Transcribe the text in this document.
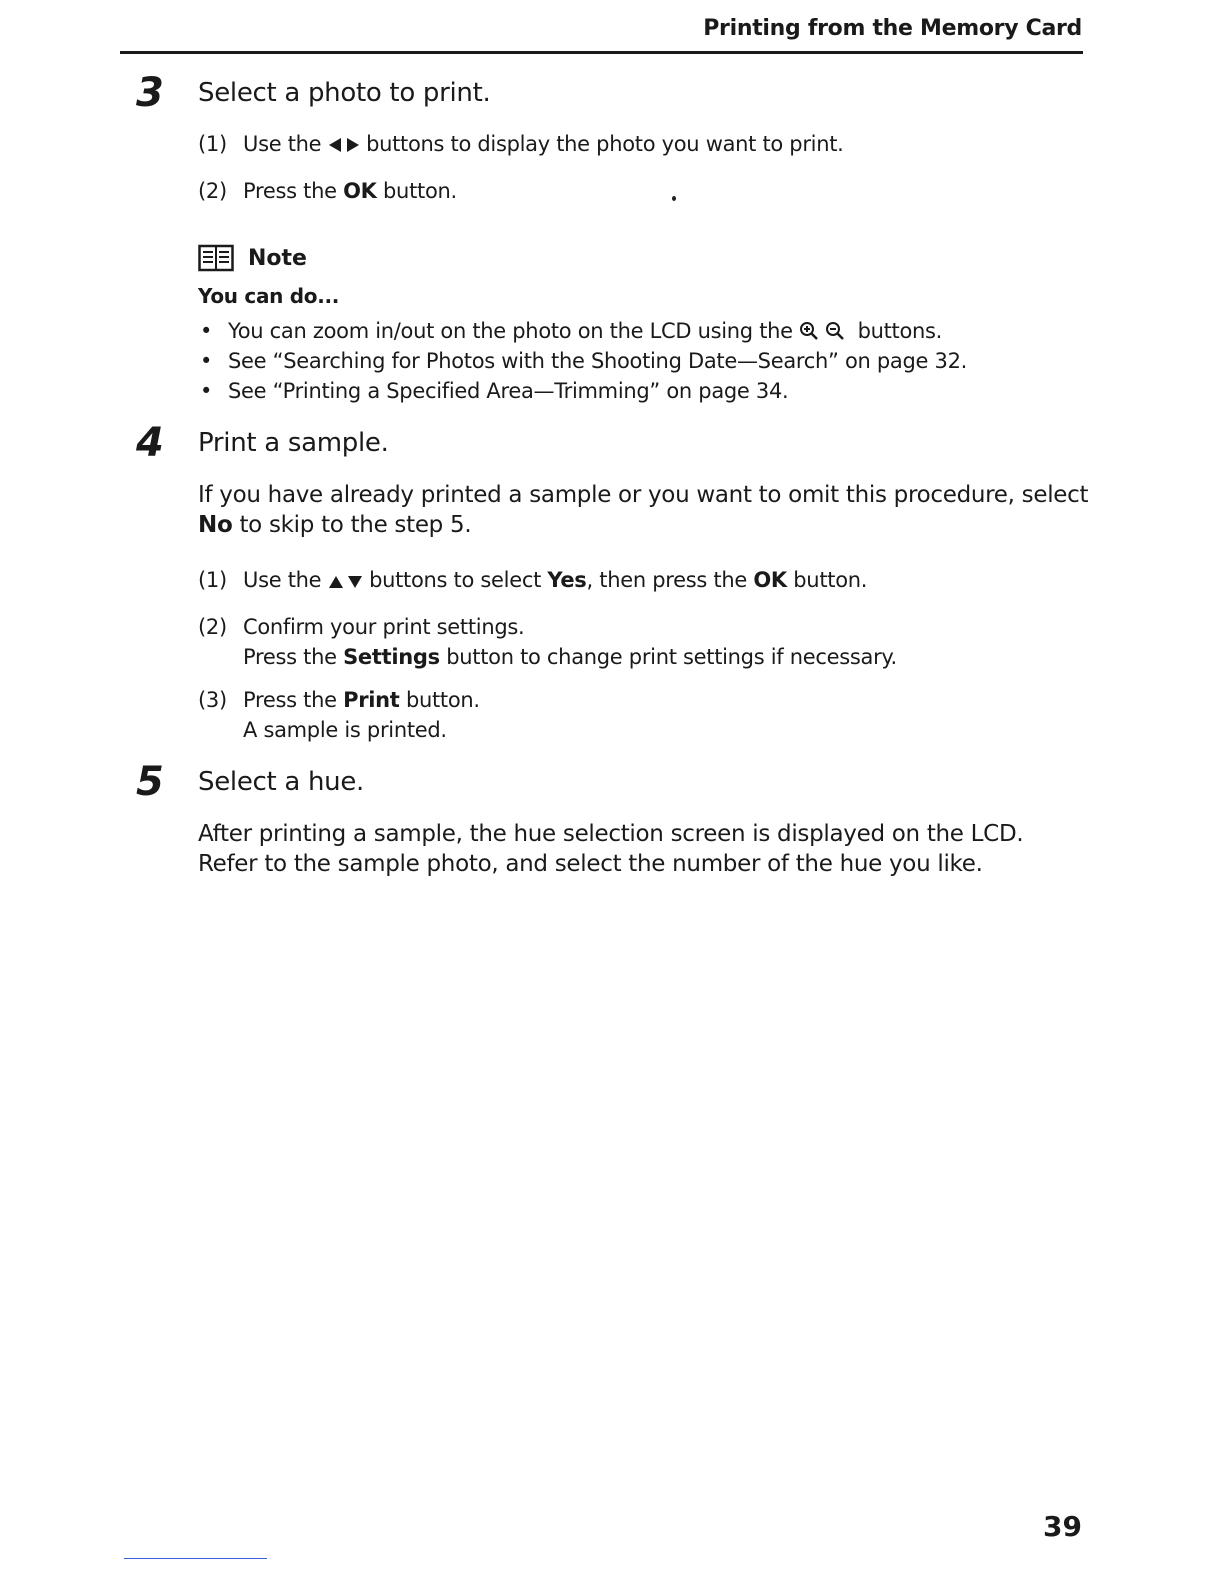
Printing from the Memory Card
3 Select a photo to print.
(1) Use the buttons to display the photo you want to print.
(2) Press the OK button.
Note
You can do...
• You can zoom in/out on the photo on the LCD using the	buttons.
• See “Searching for Photos with the Shooting Date—Search” on page 32.
• See “Printing a Specified Area—Trimming” on page 34.
4 Print a sample.
If you have already printed a sample or you want to omit this procedure, select
No to skip to the step 5.
(1) Use the buttons to select Yes, then press the OK button.
(2) Confirm your print settings.
Press the Settings button to change print settings if necessary.
(3) Press the Print button.
A sample is printed.
5 Select a hue.
After printing a sample, the hue selection screen is displayed on the LCD.
Refer to the sample photo, and select the number of the hue you like.
39
